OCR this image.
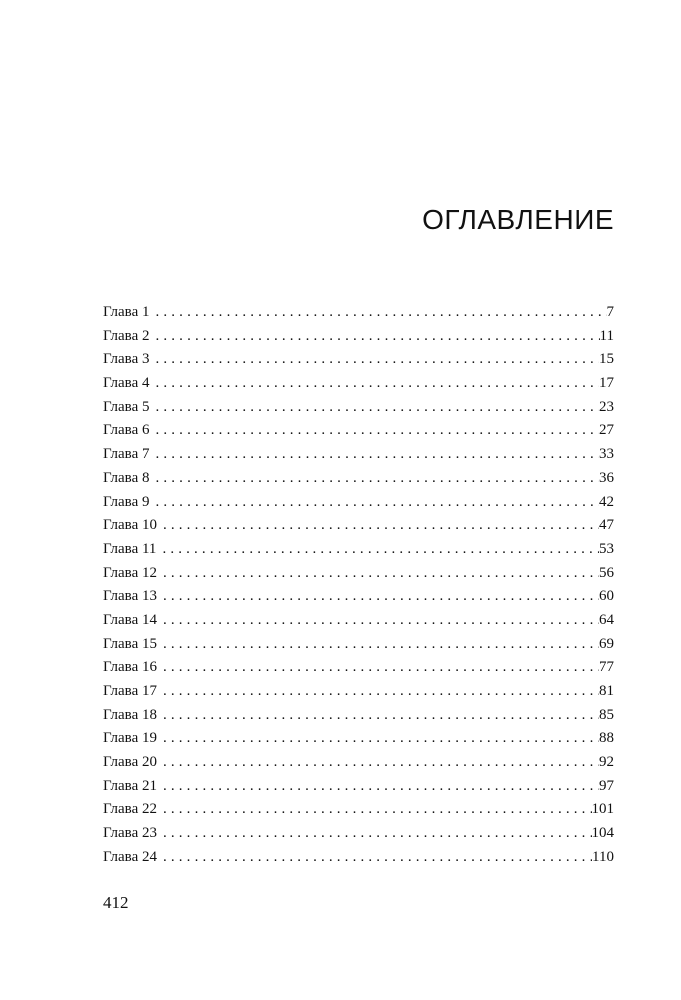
ОГЛАВЛЕНИЕ
Глава 1 . . .	7
Глава 2 . . .	11
Глава 3 . . .	15
Глава 4 . . .	17
Глава 5 . . .	23
Глава 6 . . .	27
Глава 7 . . .	33
Глава 8 . . .	36
Глава 9 . . .	42
Глава 10 . . .	47
Глава 11 . . .	53
Глава 12 . . .	56
Глава 13 . . .	60
Глава 14 . . .	64
Глава 15 . . .	69
Глава 16 . . .	77
Глава 17 . . .	81
Глава 18 . . .	85
Глава 19 . . .	88
Глава 20 . . .	92
Глава 21 . . .	97
Глава 22 . . .	101
Глава 23 . . .	104
Глава 24 . . .	110
412
